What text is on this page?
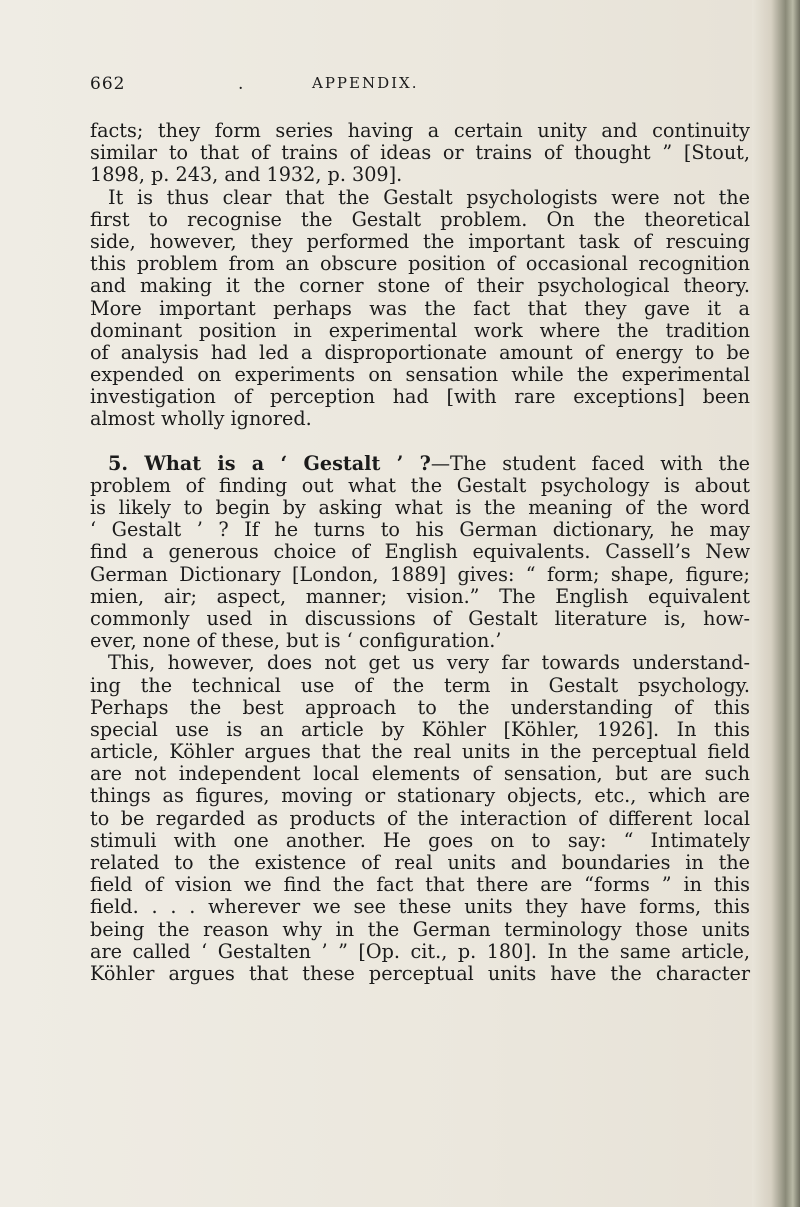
662	.	APPENDIX.
facts; they form series having a certain unity and continuity
similar to that of trains of ideas or trains of thought ” [Stout,
1898, p. 243, and 1932, p. 309].
It is thus clear that the Gestalt psychologists were not the
first to recognise the Gestalt problem. On the theoretical
side, however, they performed the important task of rescuing
this problem from an obscure position of occasional recognition
and making it the corner stone of their psychological theory.
More important perhaps was the fact that they gave it a
dominant position in experimental work where the tradition
of analysis had led a disproportionate amount of energy to be
expended on experiments on sensation while the experimental
investigation of perception had [with rare exceptions] been
almost wholly ignored.
5. What is a ‘ Gestalt ’ ?—The student faced with the
problem of finding out what the Gestalt psychology is about
is likely to begin by asking what is the meaning of the word
‘ Gestalt ’ ? If he turns to his German dictionary, he may
find a generous choice of English equivalents. Cassell’s New
German Dictionary [London, 1889] gives: “ form; shape, figure;
mien, air; aspect, manner; vision.” The English equivalent
commonly used in discussions of Gestalt literature is, how-
ever, none of these, but is ‘ configuration.’
This, however, does not get us very far towards understand-
ing the technical use of the term in Gestalt psychology.
Perhaps the best approach to the understanding of this
special use is an article by Köhler [Köhler, 1926]. In this
article, Köhler argues that the real units in the perceptual field
are not independent local elements of sensation, but are such
things as figures, moving or stationary objects, etc., which are
to be regarded as products of the interaction of different local
stimuli with one another. He goes on to say: “ Intimately
related to the existence of real units and boundaries in the
field of vision we find the fact that there are “forms ” in this
field. . . . wherever we see these units they have forms, this
being the reason why in the German terminology those units
are called ‘ Gestalten ’ ” [Op. cit., p. 180]. In the same article,
Köhler argues that these perceptual units have the character
